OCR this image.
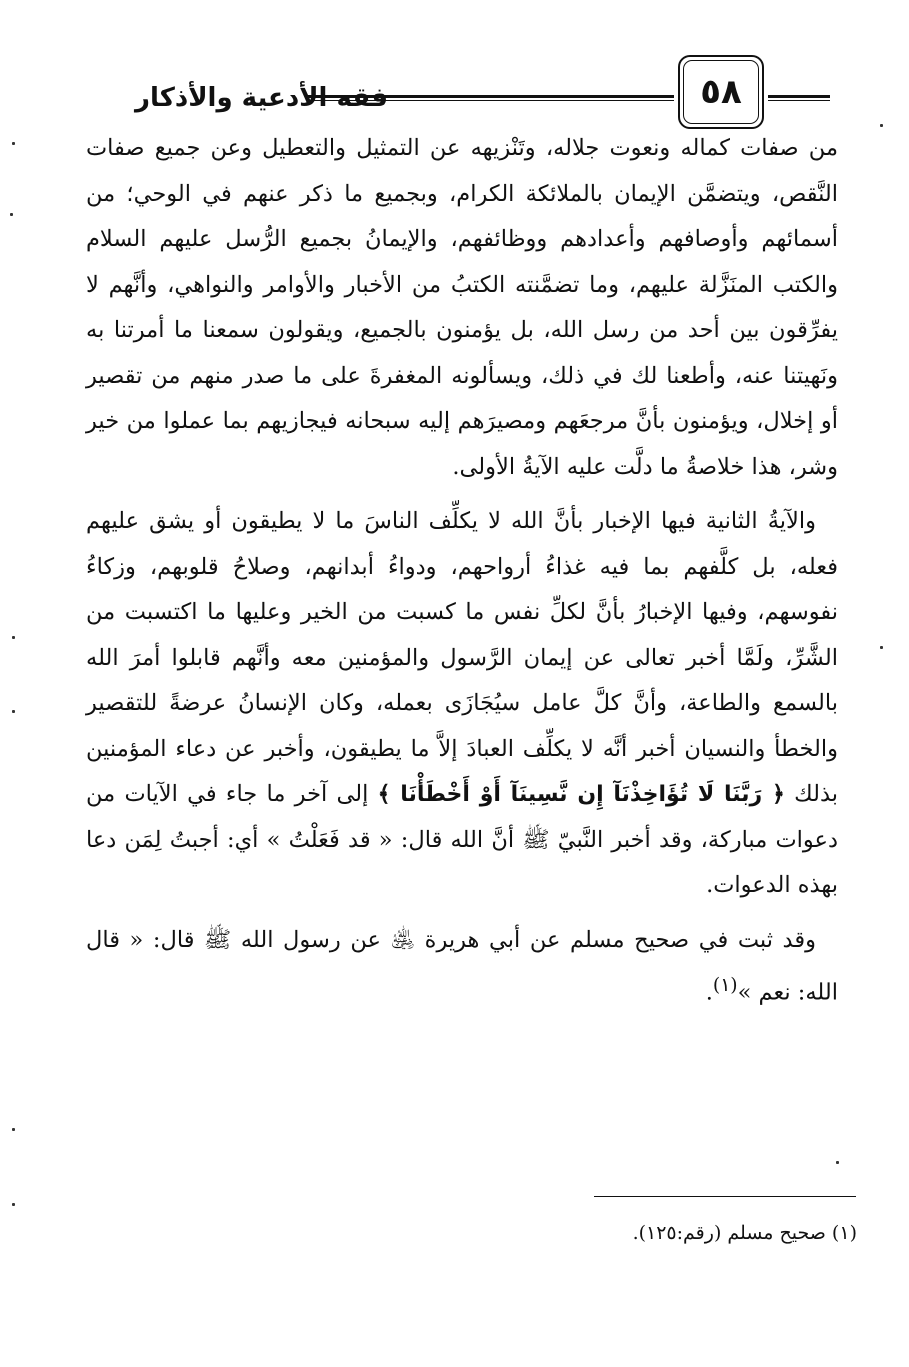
فقه الأدعية والأذكار	٥٨

من صفات كماله ونعوت جلاله، وتَنْزيهه عن التمثيل والتعطيل وعن جميع صفات النَّقص، ويتضمَّن الإيمان بالملائكة الكرام، وبجميع ما ذكر عنهم في الوحي؛ من أسمائهم وأوصافهم وأعدادهم ووظائفهم، والإيمانُ بجميع الرُّسل عليهم السلام والكتب المنَزَّلة عليهم، وما تضمَّنته الكتبُ من الأخبار والأوامر والنواهي، وأنَّهم لا يفرِّقون بين أحد من رسل الله، بل يؤمنون بالجميع، ويقولون سمعنا ما أمرتنا به ونَهيتنا عنه، وأطعنا لك في ذلك، ويسألونه المغفرةَ على ما صدر منهم من تقصير أو إخلال، ويؤمنون بأنَّ مرجعَهم ومصيرَهم إليه سبحانه فيجازيهم بما عملوا من خير وشر، هذا خلاصةُ ما دلَّت عليه الآيةُ الأولى.

والآيةُ الثانية فيها الإخبار بأنَّ الله لا يكلِّف الناسَ ما لا يطيقون أو يشق عليهم فعله، بل كلَّفهم بما فيه غذاءُ أرواحهم، ودواءُ أبدانهم، وصلاحُ قلوبهم، وزكاءُ نفوسهم، وفيها الإخبارُ بأنَّ لكلِّ نفس ما كسبت من الخير وعليها ما اكتسبت من الشَّرِّ، ولَمَّا أخبر تعالى عن إيمان الرَّسول والمؤمنين معه وأنَّهم قابلوا أمرَ الله بالسمع والطاعة، وأنَّ كلَّ عامل سيُجَازَى بعمله، وكان الإنسانُ عرضةً للتقصير والخطأ والنسيان أخبر أنَّه لا يكلِّف العبادَ إلاَّ ما يطيقون، وأخبر عن دعاء المؤمنين بذلك ﴿ رَبَّنَا لَا تُؤَاخِذْنَآ إِن نَّسِينَآ أَوْ أَخْطَأْنَا ﴾ إلى آخر ما جاء في الآيات من دعوات مباركة، وقد أخبر النَّبيّ ﷺ أنَّ الله قال: « قد فَعَلْتُ » أي: أجبتُ لِمَن دعا بهذه الدعوات.

وقد ثبت في صحيح مسلم عن أبي هريرة ﵁ عن رسول الله ﷺ قال: « قال الله: نعم »$^{(١)}$.

(١) صحيح مسلم (رقم:١٢٥).
